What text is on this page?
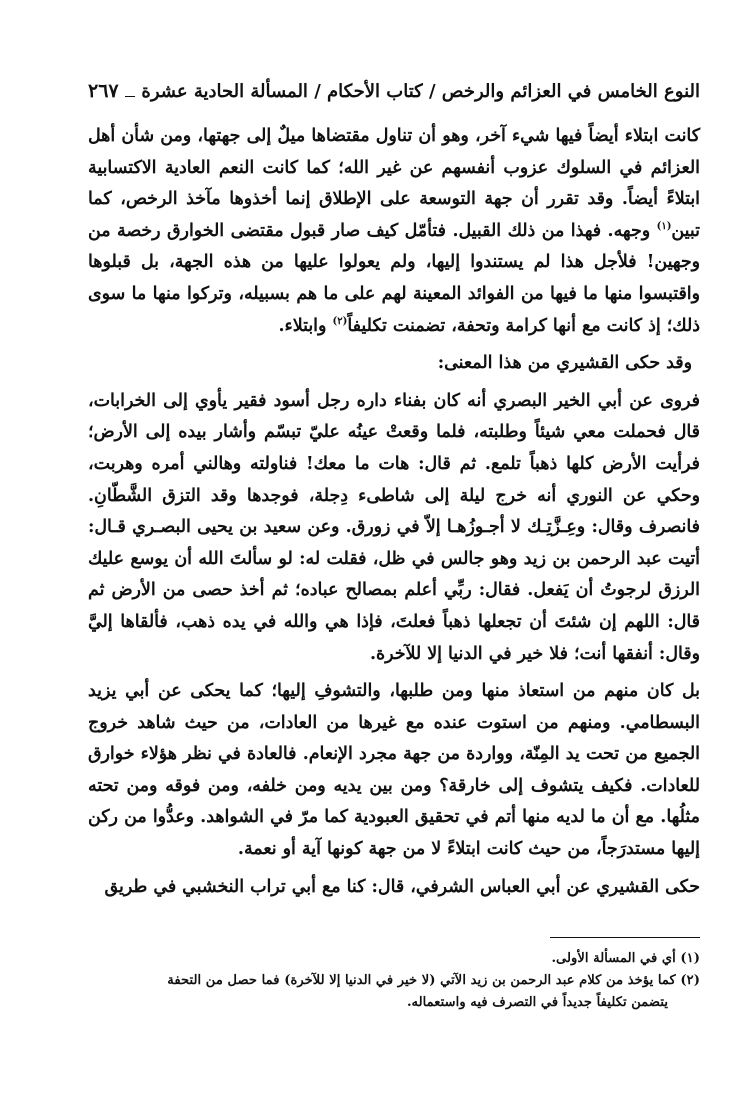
النوع الخامس في العزائم والرخص / كتاب الأحكام / المسألة الحادية عشرة
٢٦٧

كانت ابتلاء أيضاً فيها شيء آخر، وهو أن تناول مقتضاها ميلٌ إلى جهتها، ومن شأن أهل العزائم في السلوك عزوب أنفسهم عن غير الله؛ كما كانت النعم العادية الاكتسابية ابتلاءً أيضاً. وقد تقرر أن جهة التوسعة على الإطلاق إنما أخذوها مآخذ الرخص، كما تبين$^{(١)}$ وجهه. فهذا من ذلك القبيل. فتأمّل كيف صار قبول مقتضى الخوارق رخصة من وجهين! فلأجل هذا لم يستندوا إليها، ولم يعولوا عليها من هذه الجهة، بل قبلوها واقتبسوا منها ما فيها من الفوائد المعينة لهم على ما هم بسبيله، وتركوا منها ما سوى ذلك؛ إذ كانت مع أنها كرامة وتحفة، تضمنت تكليفاً$^{(٢)}$ وابتلاء.

وقد حكى القشيري من هذا المعنى:

فروى عن أبي الخير البصري أنه كان بفناء داره رجل أسود فقير يأوي إلى الخرابات، قال فحملت معي شيئاً وطلبته، فلما وقعتْ عينُه عليّ تبسّم وأشار بيده إلى الأرض؛ فرأيت الأرض كلها ذهباً تلمع. ثم قال: هات ما معك! فناولته وهالني أمره وهربت، وحكي عن النوري أنه خرج ليلة إلى شاطىء دِجلة، فوجدها وقد التزق الشَّطّانِ. فانصرف وقال: وعِـزَّتِـك لا أجـوزُهـا إلاّ في زورق. وعن سعيد بن يحيى البصـري قـال: أتيت عبد الرحمن بن زيد وهو جالس في ظل، فقلت له: لو سألتَ الله أن يوسع عليك الرزق لرجوتُ أن يَفعل. فقال: ربِّي أعلم بمصالح عباده؛ ثم أخذ حصى من الأرض ثم قال: اللهم إن شئتَ أن تجعلها ذهباً فعلتَ، فإذا هي والله في يده ذهب، فألقاها إليَّ وقال: أنفقها أنت؛ فلا خير في الدنيا إلا للآخرة.

بل كان منهم من استعاذ منها ومن طلبها، والتشوفِ إليها؛ كما يحكى عن أبي يزيد البسطامي. ومنهم من استوت عنده مع غيرها من العادات، من حيث شاهد خروج الجميع من تحت يد المِنّة، وواردة من جهة مجرد الإنعام. فالعادة في نظر هؤلاء خوارق للعادات. فكيف يتشوف إلى خارقة؟ ومن بين يديه ومن خلفه، ومن فوقه ومن تحته مثلُها. مع أن ما لديه منها أتم في تحقيق العبودية كما مرّ في الشواهد. وعدُّوا من ركن إليها مستدرَجاً، من حيث كانت ابتلاءً لا من جهة كونها آية أو نعمة.

حكى القشيري عن أبي العباس الشرفي، قال: كنا مع أبي تراب النخشبي في طريق

(١) أي في المسألة الأولى.

(٢) كما يؤخذ من كلام عبد الرحمن بن زيد الآتي (لا خير في الدنيا إلا للآخرة) فما حصل من التحفة

يتضمن تكليفاً جديداً في التصرف فيه واستعماله.
